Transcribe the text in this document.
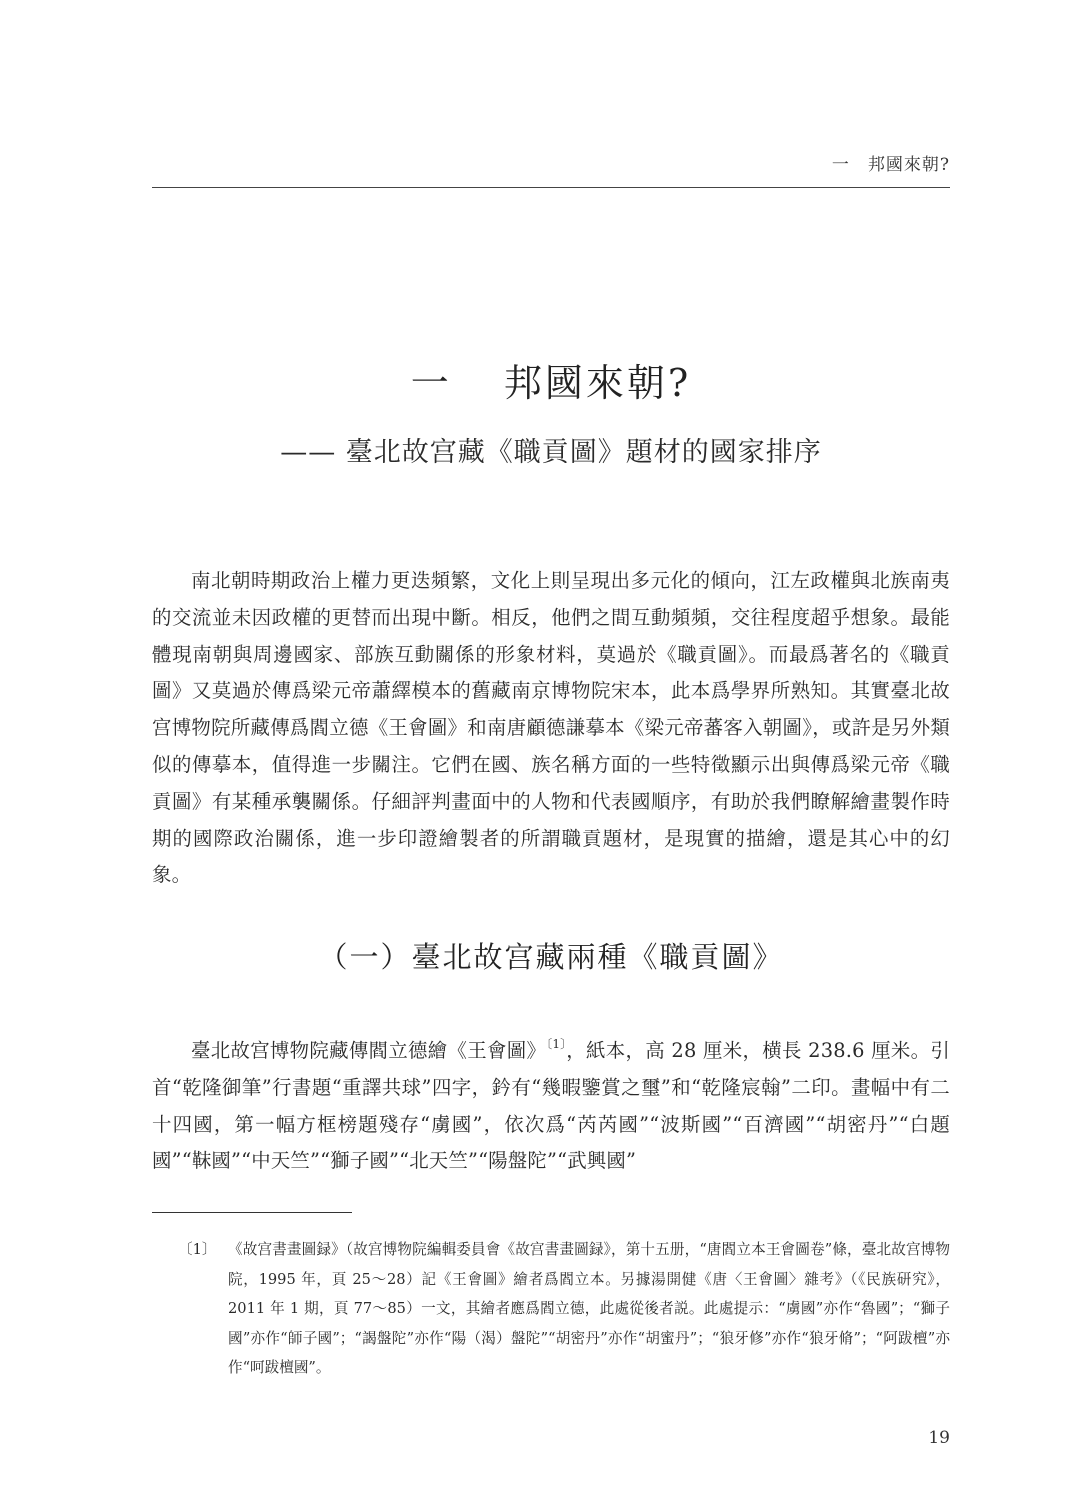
一　邦國來朝?
一 邦國來朝?
—— 臺北故宫藏《職貢圖》題材的國家排序

南北朝時期政治上權力更迭頻繁，文化上則呈現出多元化的傾向，江左政權與北族南夷的交流並未因政權的更替而出現中斷。相反，他們之間互動頻頻，交往程度超乎想象。最能體現南朝與周邊國家、部族互動關係的形象材料，莫過於《職貢圖》。而最爲著名的《職貢圖》又莫過於傳爲梁元帝蕭繹模本的舊藏南京博物院宋本，此本爲學界所熟知。其實臺北故宫博物院所藏傳爲閻立德《王會圖》和南唐顧德謙摹本《梁元帝蕃客入朝圖》，或許是另外類似的傳摹本，值得進一步關注。它們在國、族名稱方面的一些特徵顯示出與傳爲梁元帝《職貢圖》有某種承襲關係。仔細評判畫面中的人物和代表國順序，有助於我們瞭解繪畫製作時期的國際政治關係，進一步印證繪製者的所謂職貢題材，是現實的描繪，還是其心中的幻象。

（一）臺北故宫藏兩種《職貢圖》

臺北故宫博物院藏傳閻立德繪《王會圖》$^{〔1〕}$，紙本，高 28 厘米，横長 238.6 厘米。引首“乾隆御筆”行書題“重譯共球”四字，鈐有“幾暇鑒賞之璽”和“乾隆宸翰”二印。畫幅中有二十四國，第一幅方框榜題殘存“虜國”，依次爲“芮芮國”“波斯國”“百濟國”“胡密丹”“白題國”“靺國”“中天竺”“獅子國”“北天竺”“陽盤陀”“武興國”

〔1〕 《故宫書畫圖録》（故宫博物院編輯委員會《故宫書畫圖録》，第十五册，“唐閻立本王會圖卷”條，臺北故宫博物院，1995 年，頁 25～28）記《王會圖》繪者爲閻立本。另據湯開健《唐〈王會圖〉雜考》（《民族研究》，2011 年 1 期，頁 77～85）一文，其繪者應爲閻立德，此處從後者説。此處提示：“虜國”亦作“魯國”；“獅子國”亦作“師子國”；“謁盤陀”亦作“陽（渴）盤陀”“胡密丹”亦作“胡蜜丹”；“狼牙修”亦作“狼牙脩”；“阿跋檀”亦作“呵跋檀國”。
19
